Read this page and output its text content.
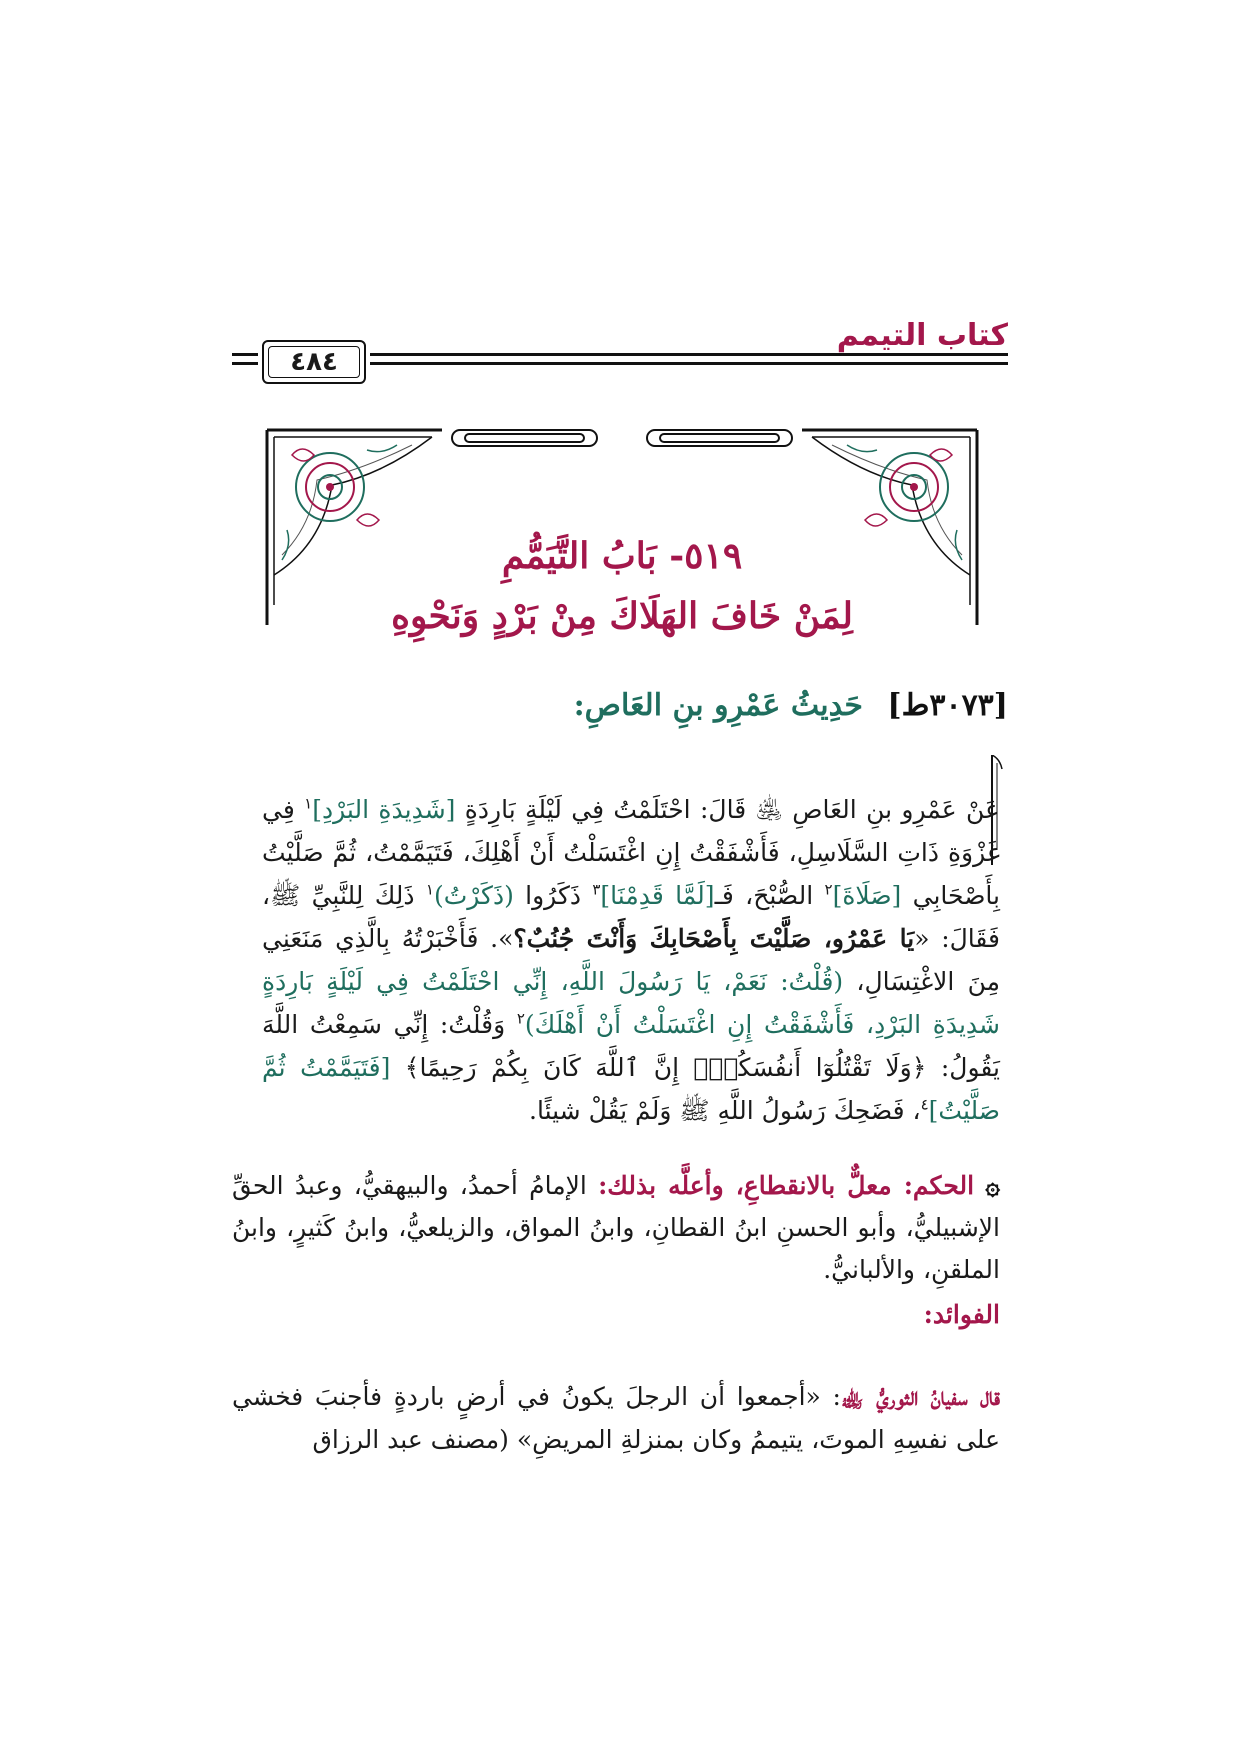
كتاب التيمم
٤٨٤
٥١٩- بَابُ التَّيَمُّمِ
لِمَنْ خَافَ الهَلَاكَ مِنْ بَرْدٍ وَنَحْوِهِ
[٣٠٧٣ط] حَدِيثُ عَمْرِو بنِ العَاصِ:
عَنْ عَمْرِو بنِ العَاصِ ﵁ قَالَ: احْتَلَمْتُ فِي لَيْلَةٍ بَارِدَةٍ [شَدِيدَةِ البَرْدِ]$^١$ فِي غَزْوَةِ ذَاتِ السَّلَاسِلِ، فَأَشْفَقْتُ إِنِ اغْتَسَلْتُ أَنْ أَهْلِكَ، فَتَيَمَّمْتُ، ثُمَّ صَلَّيْتُ بِأَصْحَابِي [صَلَاةَ]$^٢$ الصُّبْحَ، فَـ[لَمَّا قَدِمْنَا]$^٣$ ذَكَرُوا (ذَكَرْتُ)$^١$ ذَلِكَ لِلنَّبِيِّ ﷺ، فَقَالَ: «يَا عَمْرُو، صَلَّيْتَ بِأَصْحَابِكَ وَأَنْتَ جُنُبٌ؟». فَأَخْبَرْتُهُ بِالَّذِي مَنَعَنِي مِنَ الاغْتِسَالِ، (قُلْتُ: نَعَمْ، يَا رَسُولَ اللَّهِ، إِنِّي احْتَلَمْتُ فِي لَيْلَةٍ بَارِدَةٍ شَدِيدَةِ البَرْدِ، فَأَشْفَقْتُ إِنِ اغْتَسَلْتُ أَنْ أَهْلَكَ)$^٢$ وَقُلْتُ: إِنِّي سَمِعْتُ اللَّهَ يَقُولُ: ﴿وَلَا تَقْتُلُوٓا أَنفُسَكُمْۚ إِنَّ ٱللَّهَ كَانَ بِكُمْ رَحِيمًا﴾ [فَتَيَمَّمْتُ ثُمَّ صَلَّيْتُ]$^٤$، فَضَحِكَ رَسُولُ اللَّهِ ﷺ وَلَمْ يَقُلْ شيئًا.
۞ الحكم: معلٌّ بالانقطاعِ، وأعلَّه بذلك: الإمامُ أحمدُ، والبيهقيُّ، وعبدُ الحقِّ الإشبيليُّ، وأبو الحسنِ ابنُ القطانِ، وابنُ المواق، والزيلعيُّ، وابنُ كَثيرٍ، وابنُ الملقنِ، والألبانيُّ.
الفوائد:
قال سفيانُ الثوريُّ ﵀: «أجمعوا أن الرجلَ يكونُ في أرضٍ باردةٍ فأجنبَ فخشي على نفسِهِ الموتَ، يتيممُ وكان بمنزلةِ المريضِ» (مصنف عبد الرزاق
